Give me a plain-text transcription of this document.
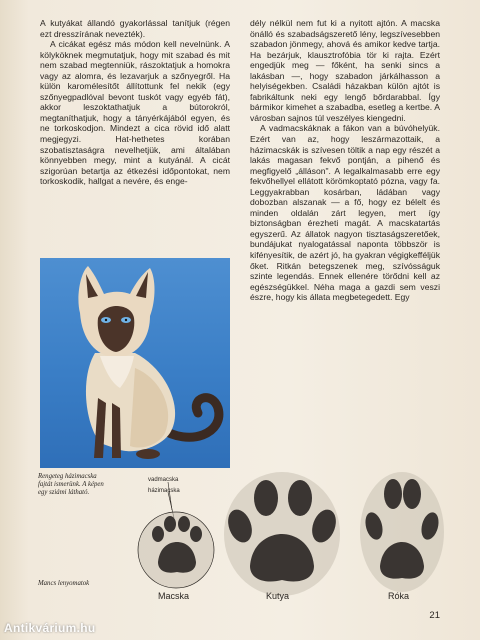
A kutyákat állandó gyakorlással tanítjuk (régen ezt dresszírának nevezték).

A cicákat egész más módon kell nevelnünk. A kölyköknek megmutatjuk, hogy mit szabad és mit nem szabad megtenniük, rászoktatjuk a homokra vagy az alomra, és lezavarjuk a szőnyegről. Ha külön karomélesítőt állítottunk fel nekik (egy szőnyegpadlóval bevont tuskót vagy egyéb fát), akkor leszoktathatjuk a bútorokról, megtaníthatjuk, hogy a tányérkájából egyen, és ne torkoskodjon. Mindezt a cica rövid idő alatt megjegyzi. Hat-hethetes korában szobatisztaságra nevelhetjük, ami általában könnyebben megy, mint a kutyánál. A cicát szigorúan betartja az étkezési időpontokat, nem torkoskodik, hallgat a nevére, és enge-

dély nélkül nem fut ki a nyitott ajtón. A macska önálló és szabadságszerető lény, legszívesebben szabadon jönmegy, ahová és amikor kedve tartja. Ha bezárjuk, klausztrofóbia tör ki rajta. Ezért engedjük meg — főként, ha senki sincs a lakásban —, hogy szabadon járkálhasson a helyiségekben. Családi házakban külön ajtót is fabrikáltunk neki egy lengő bőrdarabbal. Így bármikor kimehet a szabadba, esetleg a kertbe. A városban sajnos túl veszélyes kiengedni.

A vadmacskáknak a fákon van a búvóhelyük. Ezért van az, hogy leszármazottaik, a házimacskák is szívesen töltik a nap egy részét a lakás magasan fekvő pontján, a pihenő és megfigyelő „álláson". A legalkalmasabb erre egy fekvőhellyel ellátott körömkoptató pózna, vagy fa. Leggyakrabban kosárban, ládában vagy dobozban alszanak — a fő, hogy ez bélelt és minden oldalán zárt legyen, mert így biztonságban érezheti magát. A macskatartás egyszerű. Az állatok nagyon tisztaságszeretőek, bundájukat nyalogatással naponta többször is kifényesítik, de azért jó, ha gyakran végigkefféljük őket. Ritkán betegszenek meg, szívósságuk szinte legendás. Ennek ellenére törődni kell az egészségükkel. Néha maga a gazdi sem veszi észre, hogy kis állata megbetegedett. Egy

Rengeteg házimacska fajtát ismerünk. A képen egy sziámi látható.
Mancs lenyomatok
vadmacska
házimacska
Macska	Kutya	Róka
21
Antikvárium.hu
